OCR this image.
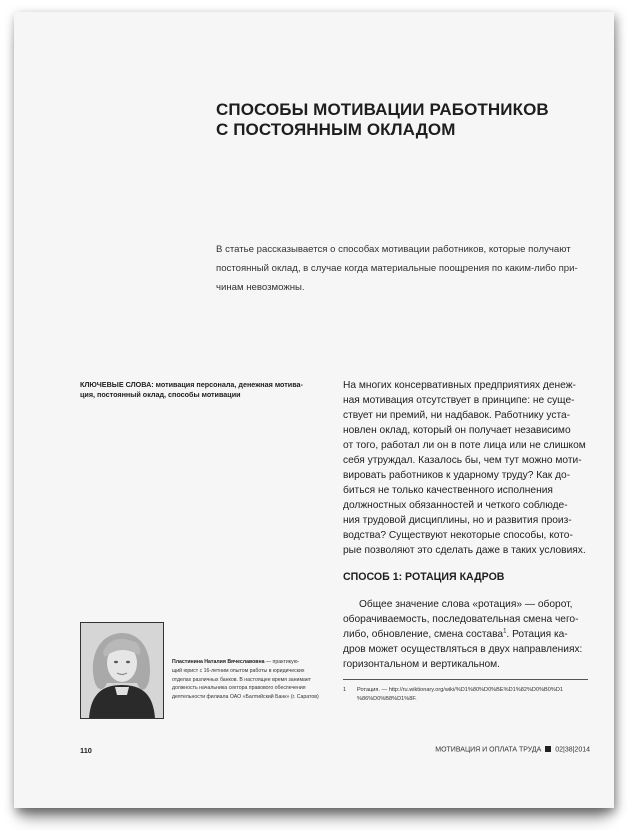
СПОСОБЫ МОТИВАЦИИ РАБОТНИКОВ
С ПОСТОЯННЫМ ОКЛАДОМ
В статье рассказывается о способах мотивации работников, которые получают
постоянный оклад, в случае когда материальные поощрения по каким-либо при-
чинам невозможны.
КЛЮЧЕВЫЕ СЛОВА: мотивация персонала, денежная мотива-
ция, постоянный оклад, способы мотивации
На многих консервативных предприятиях денеж-
ная мотивация отсутствует в принципе: не суще-
ствует ни премий, ни надбавок. Работнику уста-
новлен оклад, который он получает независимо
от того, работал ли он в поте лица или не слишком
себя утруждал. Казалось бы, чем тут можно моти-
вировать работников к ударному труду? Как до-
биться не только качественного исполнения
должностных обязанностей и четкого соблюде-
ния трудовой дисциплины, но и развития произ-
водства? Существуют некоторые способы, кото-
рые позволяют это сделать даже в таких условиях.
СПОСОБ 1: РОТАЦИЯ КАДРОВ
Общее значение слова «ротация» — оборот,
оборачиваемость, последовательная смена чего-
либо, обновление, смена состава$^1$. Ротация ка-
дров может осуществляться в двух направлениях:
горизонтальном и вертикальном.
1 Ротация. — http://ru.wiktionary.org/wiki/%D1%80%D0%BE%D1%82%D0%B0%D1
%86%D0%B8%D1%8F.
Пластинина Наталия Вячеславовна — практикую-
щий юрист с 16-летним опытом работы в юридических
отделах различных банков. В настоящее время занимает
должность начальника сектора правового обеспечения
деятельности филиала ОАО «Балтийский Банк» (г. Саратов)
110	МОТИВАЦИЯ И ОПЛАТА ТРУДА 02|38|2014
